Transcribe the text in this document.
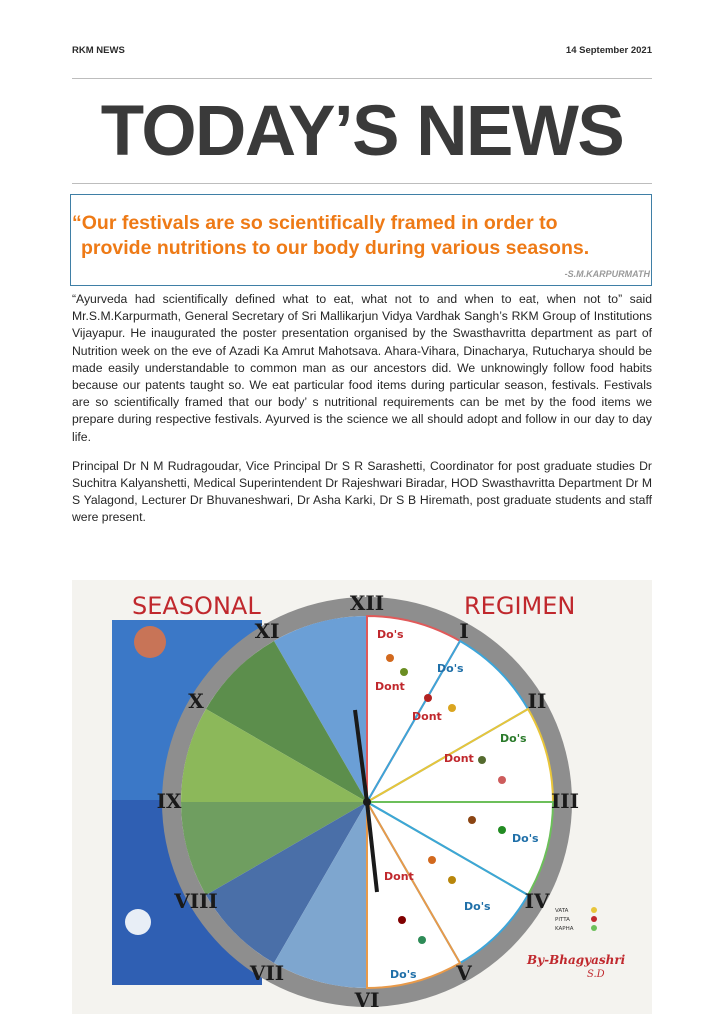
RKM NEWS	14 September 2021
TODAY’S NEWS
“Our festivals are so scientifically framed in order to
provide nutritions to our body during various seasons.
-S.M.KARPURMATH

“Ayurveda had scientifically defined what to eat, what not to and when to eat, when not to” said Mr.S.M.Karpurmath, General Secretary of Sri Mallikarjun Vidya Vardhak Sangh’s RKM Group of Institutions Vijayapur. He inaugurated the poster presentation organised by the Swasthavritta department as part of Nutrition week on the eve of Azadi Ka Amrut Mahotsava. Ahara-Vihara, Dinacharya, Rutucharya should be made easily understandable to common man as our ancestors did. We unknowingly follow food habits because our patents taught so. We eat particular food items during particular season, festivals. Festivals are so scientifically framed that our body’ s nutritional requirements can be met by the food items we prepare during respective festivals. Ayurved is the science we all should adopt and follow in our day to day life.

Principal Dr N M Rudragoudar, Vice Principal Dr S R Sarashetti, Coordinator for post graduate studies Dr Suchitra Kalyanshetti, Medical Superintendent Dr Rajeshwari Biradar, HOD Swasthavritta Department Dr M S Yalagond, Lecturer Dr Bhuvaneshwari, Dr Asha Karki, Dr S B Hiremath, post graduate students and staff were present.

XII
I
II
III
IV
V
VI
VII
VIII
IX
X
XI	Do's
Do's
Do's
Dont
Dont
Dont
Do's
Do's
Do's
Dont
SEASONAL	REGIMEN
VATA
PITTA
KAPHA
By-Bhagyashri
S.D
